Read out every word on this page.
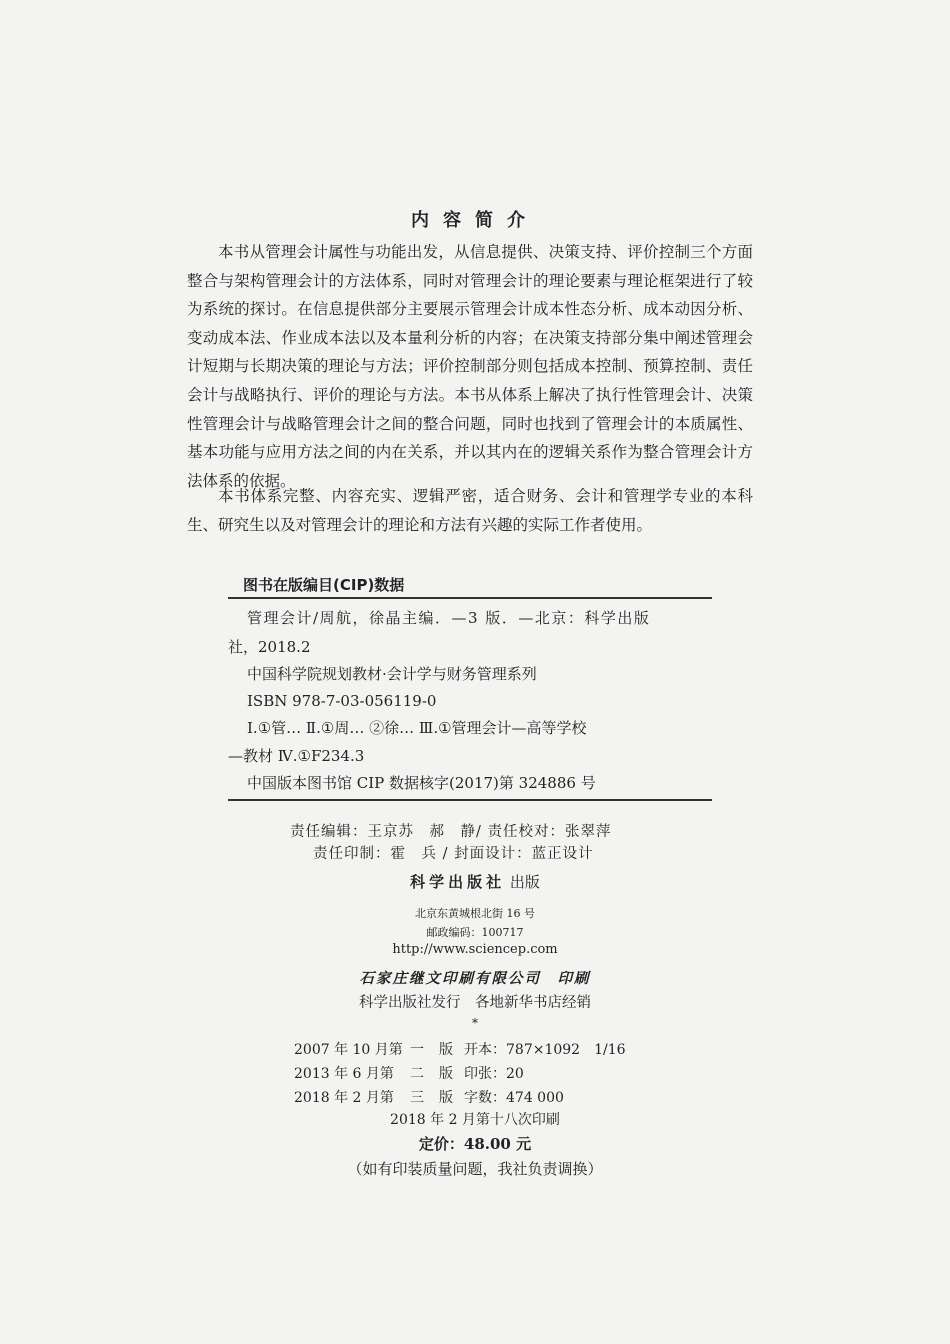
内容简介
本书从管理会计属性与功能出发，从信息提供、决策支持、评价控制三个方面整合与架构管理会计的方法体系，同时对管理会计的理论要素与理论框架进行了较为系统的探讨。在信息提供部分主要展示管理会计成本性态分析、成本动因分析、变动成本法、作业成本法以及本量利分析的内容；在决策支持部分集中阐述管理会计短期与长期决策的理论与方法；评价控制部分则包括成本控制、预算控制、责任会计与战略执行、评价的理论与方法。本书从体系上解决了执行性管理会计、决策性管理会计与战略管理会计之间的整合问题，同时也找到了管理会计的本质属性、基本功能与应用方法之间的内在关系，并以其内在的逻辑关系作为整合管理会计方法体系的依据。
本书体系完整、内容充实、逻辑严密，适合财务、会计和管理学专业的本科生、研究生以及对管理会计的理论和方法有兴趣的实际工作者使用。
图书在版编目(CIP)数据
管理会计/周航，徐晶主编．—3 版．—北京：科学出版
社，2018.2
中国科学院规划教材·会计学与财务管理系列
ISBN 978-7-03-056119-0
Ⅰ.①管… Ⅱ.①周… ②徐… Ⅲ.①管理会计—高等学校
—教材 Ⅳ.①F234.3
中国版本图书馆 CIP 数据核字(2017)第 324886 号
责任编辑：王京苏　郝　静/ 责任校对：张翠萍
责任印制：霍　兵 / 封面设计：蓝正设计
科学出版社 出版
北京东黄城根北街 16 号
邮政编码：100717
http://www.sciencep.com
石家庄继文印刷有限公司　印刷
科学出版社发行　各地新华书店经销
*
2007 年 10 月第 一 版 开本：787×1092　1/16
2013 年 6 月第 二 版 印张：20
2018 年 2 月第 三 版 字数：474 000
2018 年 2 月第十八次印刷
定价：48.00 元
（如有印装质量问题，我社负责调换）
